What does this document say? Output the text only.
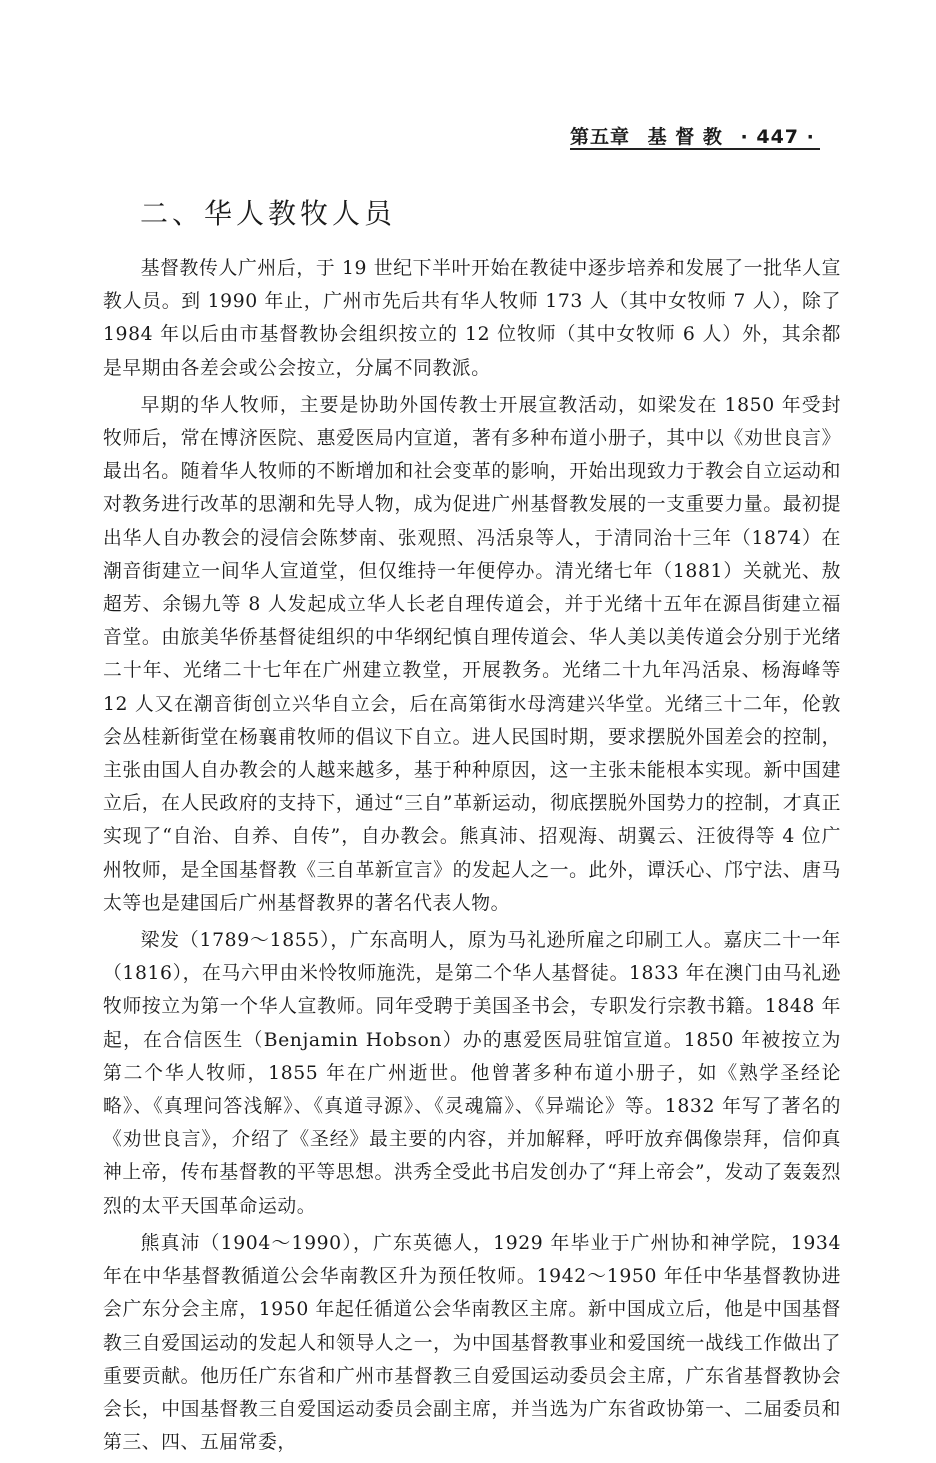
第五章 基 督 教 · 447 ·
二、华人教牧人员

基督教传人广州后，于 19 世纪下半叶开始在教徒中逐步培养和发展了一批华人宣教人员。到 1990 年止，广州市先后共有华人牧师 173 人（其中女牧师 7 人），除了 1984 年以后由市基督教协会组织按立的 12 位牧师（其中女牧师 6 人）外，其余都是早期由各差会或公会按立，分属不同教派。

早期的华人牧师，主要是协助外国传教士开展宣教活动，如梁发在 1850 年受封牧师后，常在博济医院、惠爱医局内宣道，著有多种布道小册子，其中以《劝世良言》最出名。随着华人牧师的不断增加和社会变革的影响，开始出现致力于教会自立运动和对教务进行改革的思潮和先导人物，成为促进广州基督教发展的一支重要力量。最初提出华人自办教会的浸信会陈梦南、张观照、冯活泉等人，于清同治十三年（1874）在潮音街建立一间华人宣道堂，但仅维持一年便停办。清光绪七年（1881）关就光、敖超芳、余锡九等 8 人发起成立华人长老自理传道会，并于光绪十五年在源昌街建立福音堂。由旅美华侨基督徒组织的中华纲纪慎自理传道会、华人美以美传道会分别于光绪二十年、光绪二十七年在广州建立教堂，开展教务。光绪二十九年冯活泉、杨海峰等 12 人又在潮音街创立兴华自立会，后在高第街水母湾建兴华堂。光绪三十二年，伦敦会丛桂新街堂在杨襄甫牧师的倡议下自立。进人民国时期，要求摆脱外国差会的控制，主张由国人自办教会的人越来越多，基于种种原因，这一主张未能根本实现。新中国建立后，在人民政府的支持下，通过“三自”革新运动，彻底摆脱外国势力的控制，才真正实现了“自治、自养、自传”，自办教会。熊真沛、招观海、胡翼云、汪彼得等 4 位广州牧师，是全国基督教《三自革新宣言》的发起人之一。此外，谭沃心、邝宁法、唐马太等也是建国后广州基督教界的著名代表人物。

梁发（1789～1855），广东高明人，原为马礼逊所雇之印刷工人。嘉庆二十一年（1816），在马六甲由米怜牧师施洗，是第二个华人基督徒。1833 年在澳门由马礼逊牧师按立为第一个华人宣教师。同年受聘于美国圣书会，专职发行宗教书籍。1848 年起，在合信医生（Benjamin Hobson）办的惠爱医局驻馆宣道。1850 年被按立为第二个华人牧师，1855 年在广州逝世。他曾著多种布道小册子，如《熟学圣经论略》、《真理问答浅解》、《真道寻源》、《灵魂篇》、《异端论》等。1832 年写了著名的《劝世良言》，介绍了《圣经》最主要的内容，并加解释，呼吁放弃偶像崇拜，信仰真神上帝，传布基督教的平等思想。洪秀全受此书启发创办了“拜上帝会”，发动了轰轰烈烈的太平天国革命运动。

熊真沛（1904～1990），广东英德人，1929 年毕业于广州协和神学院，1934 年在中华基督教循道公会华南教区升为预任牧师。1942～1950 年任中华基督教协进会广东分会主席，1950 年起任循道公会华南教区主席。新中国成立后，他是中国基督教三自爱国运动的发起人和领导人之一，为中国基督教事业和爱国统一战线工作做出了重要贡献。他历任广东省和广州市基督教三自爱国运动委员会主席，广东省基督教协会会长，中国基督教三自爱国运动委员会副主席，并当选为广东省政协第一、二届委员和第三、四、五届常委，
